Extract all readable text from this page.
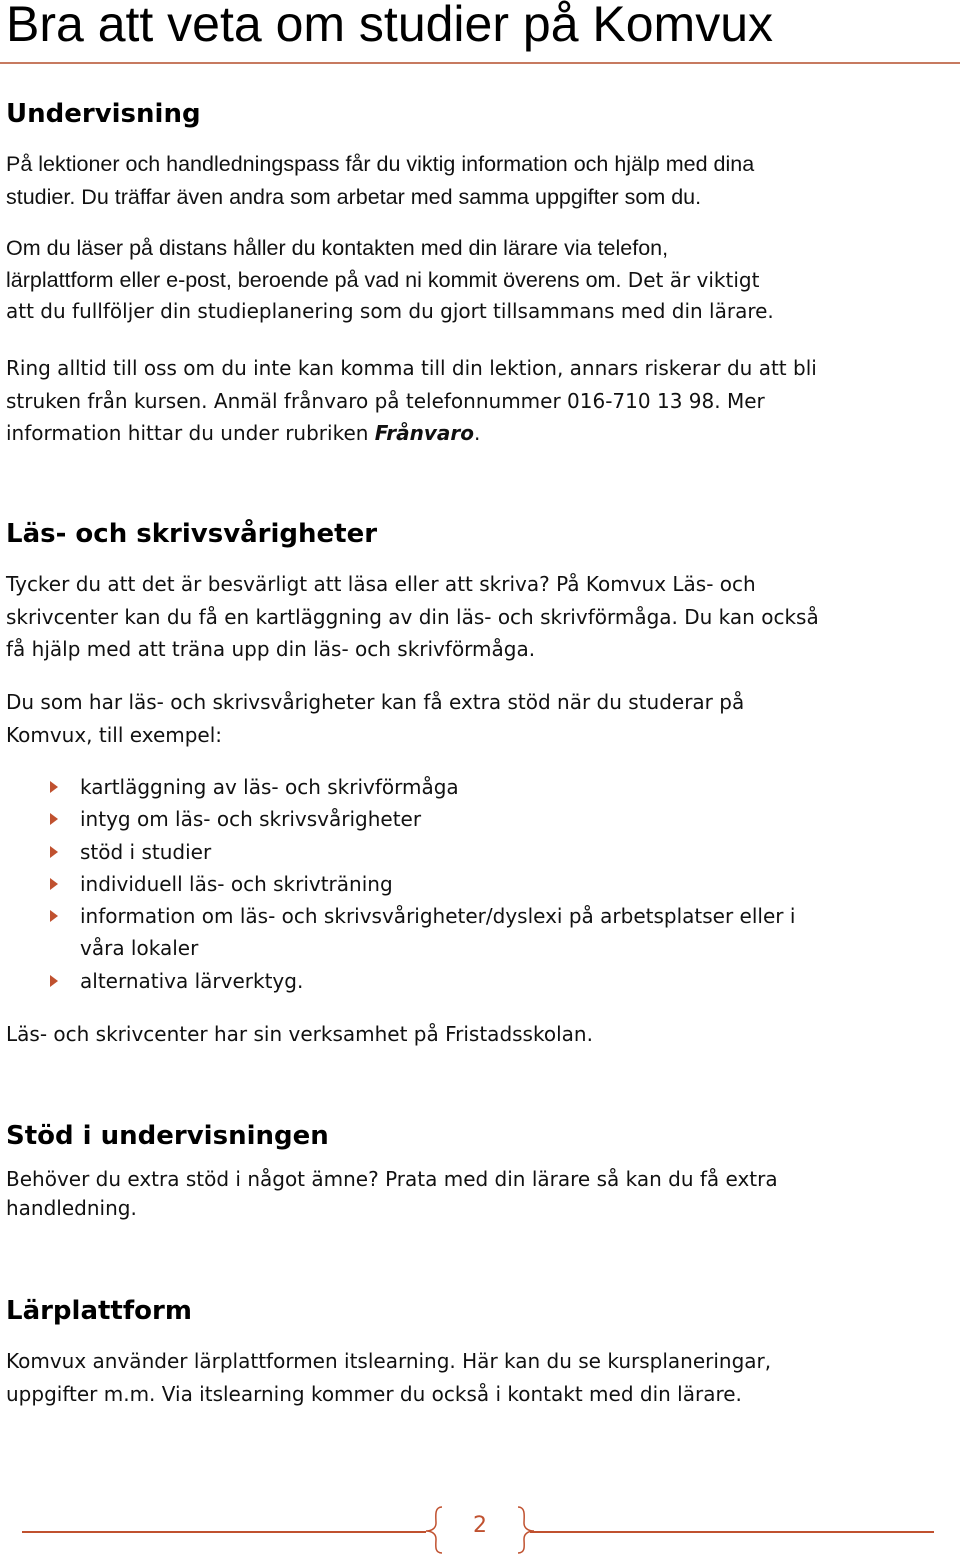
Bra att veta om studier på Komvux
Undervisning

På lektioner och handledningspass får du viktig information och hjälp med dina
studier. Du träffar även andra som arbetar med samma uppgifter som du.

Om du läser på distans håller du kontakten med din lärare via telefon,
lärplattform eller e-post, beroende på vad ni kommit överens om. Det är viktigt

att du fullföljer din studieplanering som du gjort tillsammans med din lärare.

Ring alltid till oss om du inte kan komma till din lektion, annars riskerar du att bli
struken från kursen. Anmäl frånvaro på telefonnummer 016-710 13 98. Mer
information hittar du under rubriken Frånvaro.

Läs- och skrivsvårigheter

Tycker du att det är besvärligt att läsa eller att skriva? På Komvux Läs- och
skrivcenter kan du få en kartläggning av din läs- och skrivförmåga. Du kan också
få hjälp med att träna upp din läs- och skrivförmåga.

Du som har läs- och skrivsvårigheter kan få extra stöd när du studerar på
Komvux, till exempel:

kartläggning av läs- och skrivförmåga
intyg om läs- och skrivsvårigheter
stöd i studier
individuell läs- och skrivträning
information om läs- och skrivsvårigheter/dyslexi på arbetsplatser eller i
våra lokaler
alternativa lärverktyg.

Läs- och skrivcenter har sin verksamhet på Fristadsskolan.

Stöd i undervisningen

Behöver du extra stöd i något ämne? Prata med din lärare så kan du få extra
handledning.

Lärplattform

Komvux använder lärplattformen itslearning. Här kan du se kursplaneringar,
uppgifter m.m. Via itslearning kommer du också i kontakt med din lärare.

2
